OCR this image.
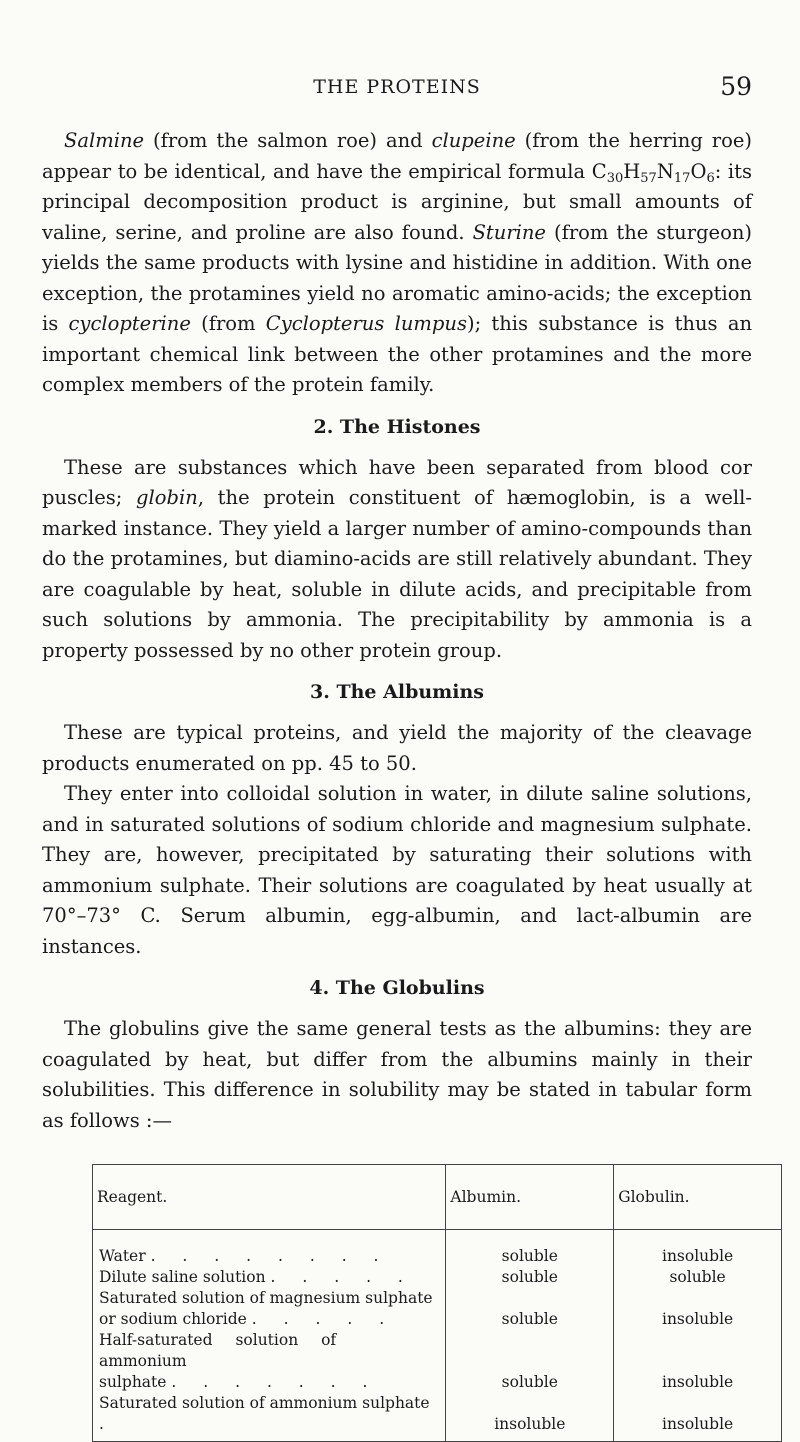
THE PROTEINS	59

Salmine (from the salmon roe) and clupeine (from the herring roe) appear to be identical, and have the empirical formula $C_{30}H_{57}N_{17}O_6$: its principal decomposition product is arginine, but small amounts of valine, serine, and proline are also found. Sturine (from the sturgeon) yields the same products with lysine and histidine in addition. With one exception, the protamines yield no aromatic amino-acids; the exception is cyclopterine (from Cyclopterus lumpus); this substance is thus an important chemical link between the other protamines and the more complex members of the protein family.

2. The Histones

These are substances which have been separated from blood cor puscles; globin, the protein constituent of hæmoglobin, is a well-marked instance. They yield a larger number of amino-compounds than do the protamines, but diamino-acids are still relatively abundant. They are coagulable by heat, soluble in dilute acids, and precipitable from such solutions by ammonia. The precipitability by ammonia is a property possessed by no other protein group.

3. The Albumins

These are typical proteins, and yield the majority of the cleavage products enumerated on pp. 45 to 50.

They enter into colloidal solution in water, in dilute saline solutions, and in saturated solutions of sodium chloride and magnesium sulphate. They are, however, precipitated by saturating their solutions with ammonium sulphate. Their solutions are coagulated by heat usually at 70°–73° C. Serum albumin, egg-albumin, and lact-albumin are instances.

4. The Globulins

The globulins give the same general tests as the albumins: they are coagulated by heat, but differ from the albumins mainly in their solubilities. This difference in solubility may be stated in tabular form as follows :—

Reagent.	Albumin.	Globulin.
Water . . . . . . . .	soluble	insoluble
Dilute saline solution . . . . .	soluble	soluble

Saturated solution of magnesium sulphate
or sodium chloride . . . . .	soluble	insoluble

Half-saturated solution of ammonium
sulphate . . . . . . .	soluble	insoluble
Saturated solution of ammonium sulphate .	insoluble	insoluble
